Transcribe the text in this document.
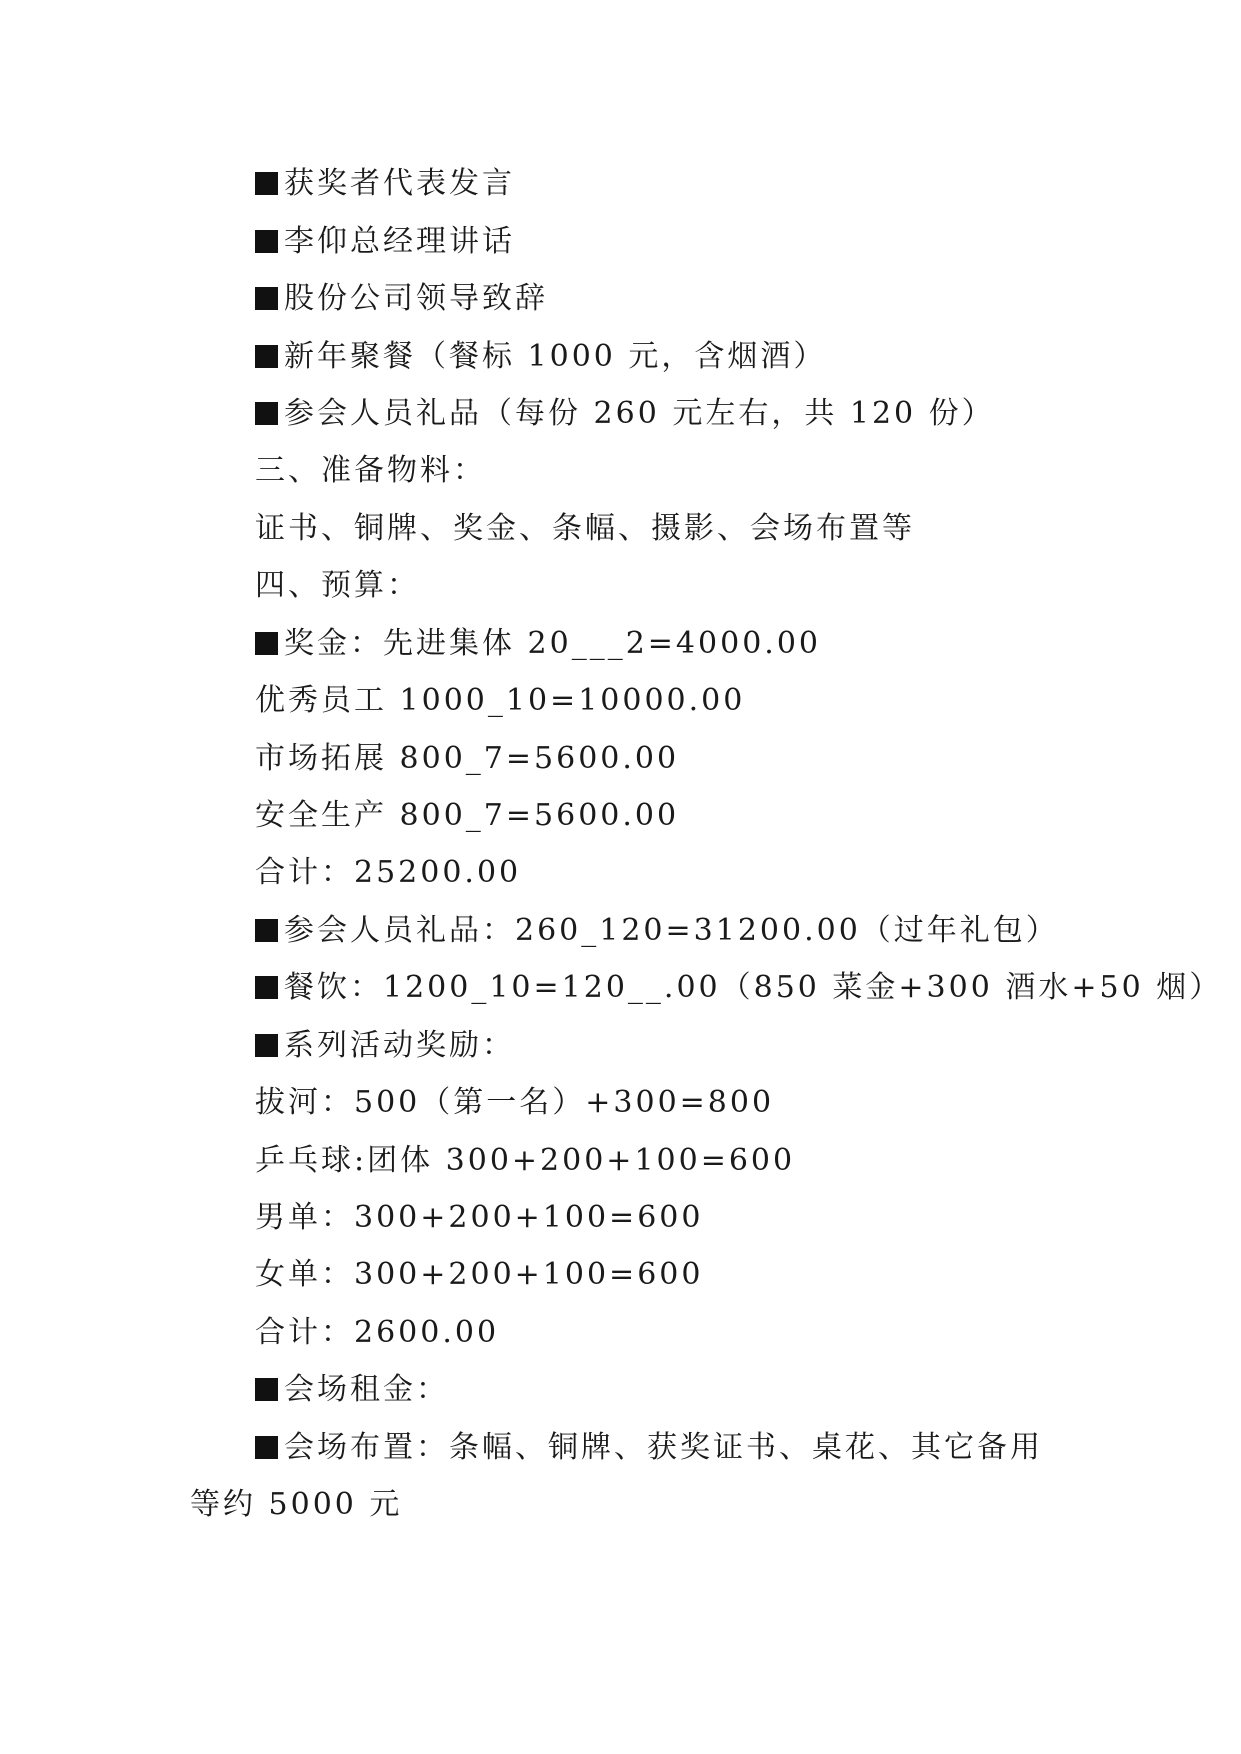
获奖者代表发言
李仰总经理讲话
股份公司领导致辞
新年聚餐（餐标 1000 元，含烟酒）
参会人员礼品（每份 260 元左右，共 120 份）
三、准备物料：
证书、铜牌、奖金、条幅、摄影、会场布置等
四、预算：
奖金：先进集体 20___2=4000.00
优秀员工 1000_10=10000.00
市场拓展 800_7=5600.00
安全生产 800_7=5600.00
合计：25200.00
参会人员礼品：260_120=31200.00（过年礼包）
餐饮：1200_10=120__.00（850 菜金+300 酒水+50 烟）
系列活动奖励：
拔河：500（第一名）+300=800
乒乓球:团体 300+200+100=600
男单：300+200+100=600
女单：300+200+100=600
合计：2600.00
会场租金：
会场布置：条幅、铜牌、获奖证书、桌花、其它备用
等约 5000 元
